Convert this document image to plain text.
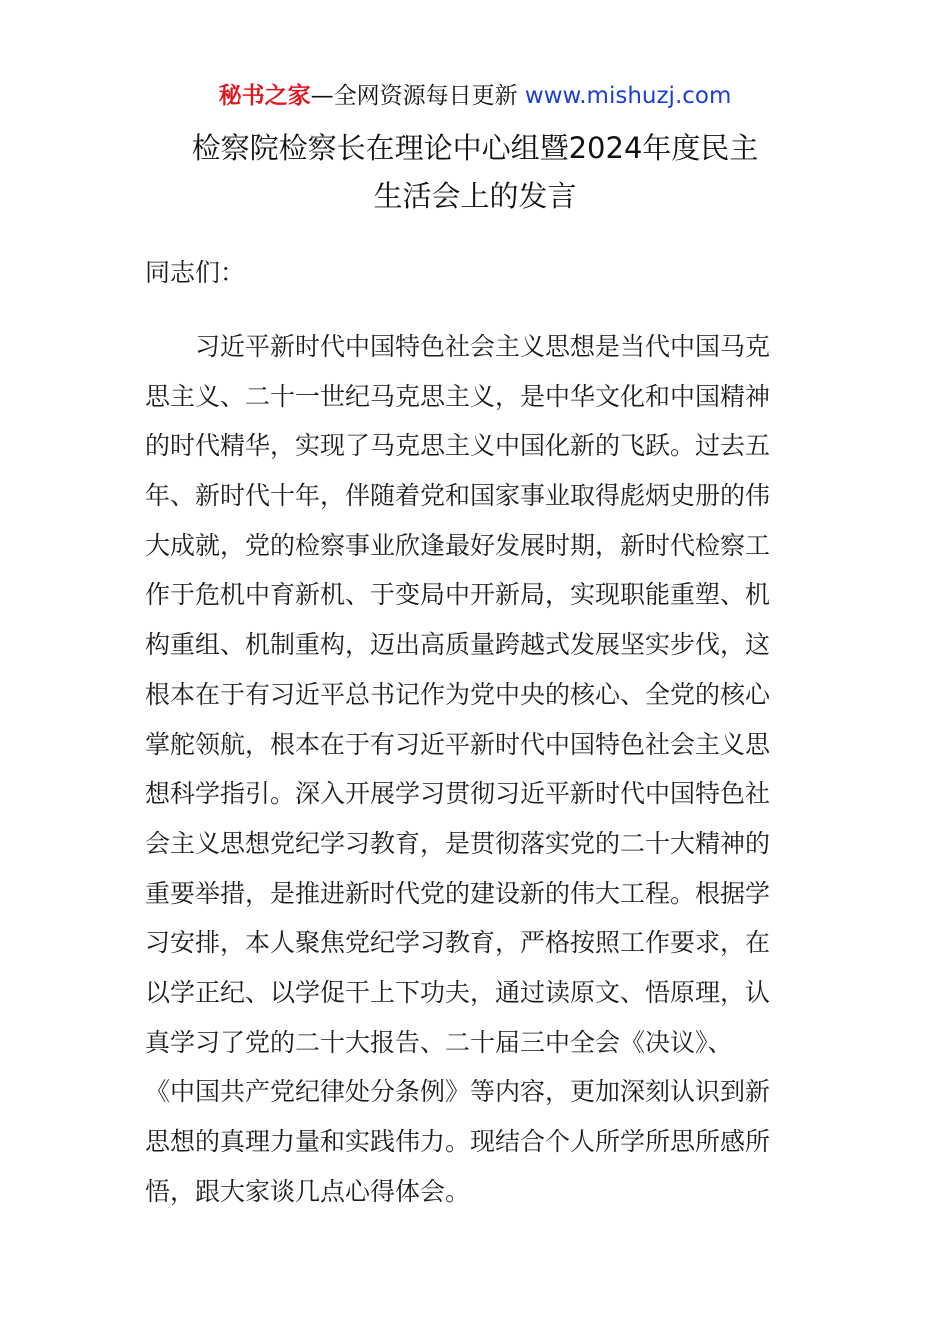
秘书之家—全网资源每日更新 www.mishuzj.com
检察院检察长在理论中心组暨2024年度民主
生活会上的发言
同志们：
习近平新时代中国特色社会主义思想是当代中国马克
思主义、二十一世纪马克思主义，是中华文化和中国精神
的时代精华，实现了马克思主义中国化新的飞跃。过去五
年、新时代十年，伴随着党和国家事业取得彪炳史册的伟
大成就，党的检察事业欣逢最好发展时期，新时代检察工
作于危机中育新机、于变局中开新局，实现职能重塑、机
构重组、机制重构，迈出高质量跨越式发展坚实步伐，这
根本在于有习近平总书记作为党中央的核心、全党的核心
掌舵领航，根本在于有习近平新时代中国特色社会主义思
想科学指引。深入开展学习贯彻习近平新时代中国特色社
会主义思想党纪学习教育，是贯彻落实党的二十大精神的
重要举措，是推进新时代党的建设新的伟大工程。根据学
习安排，本人聚焦党纪学习教育，严格按照工作要求，在
以学正纪、以学促干上下功夫，通过读原文、悟原理，认
真学习了党的二十大报告、二十届三中全会《决议》、
《中国共产党纪律处分条例》等内容，更加深刻认识到新
思想的真理力量和实践伟力。现结合个人所学所思所感所
悟，跟大家谈几点心得体会。
